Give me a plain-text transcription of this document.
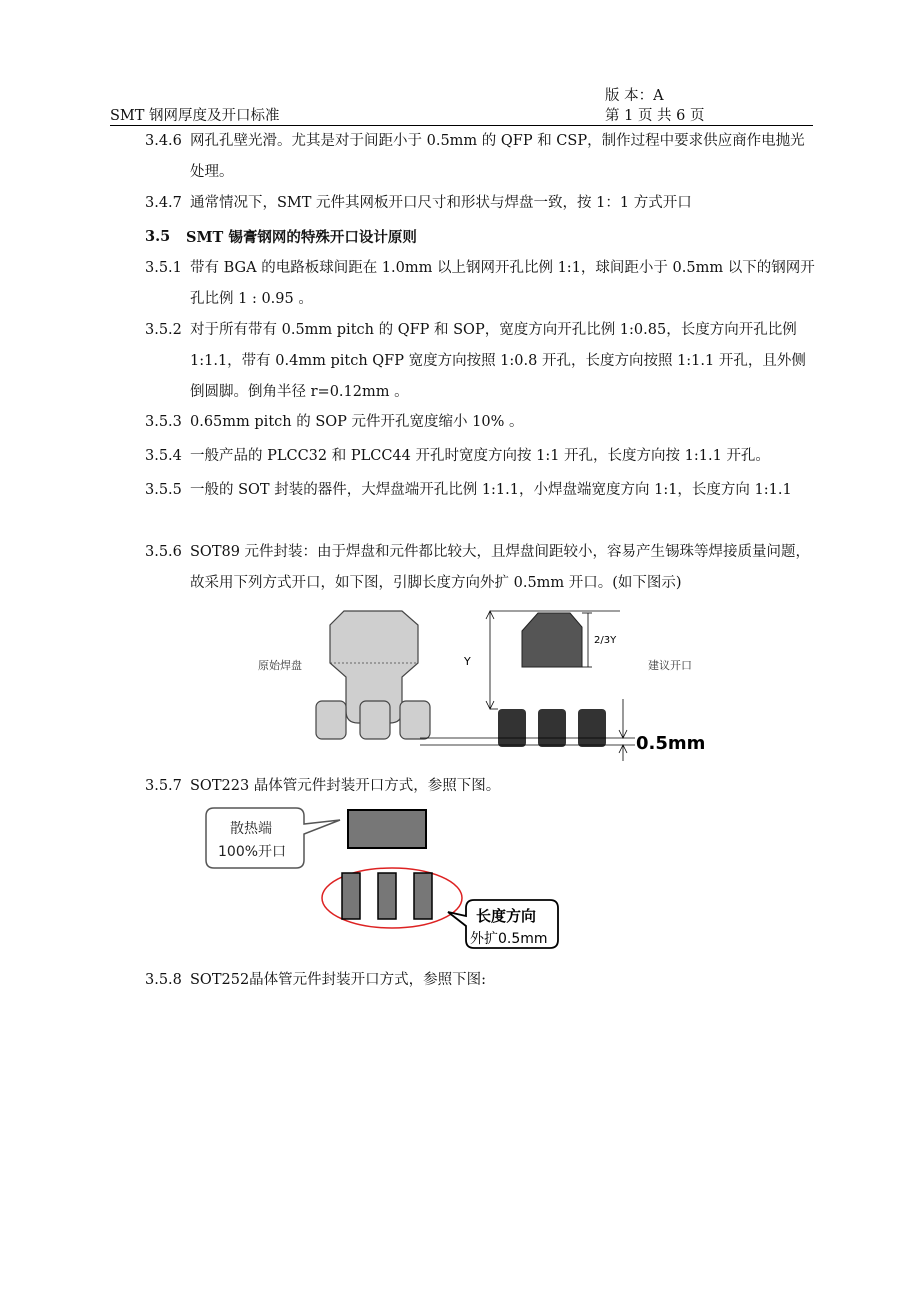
版 本：A
SMT 钢网厚度及开口标准	第 1 页 共 6 页
3.4.6 网孔孔壁光滑。尤其是对于间距小于 0.5mm 的 QFP 和 CSP，制作过程中要求供应商作电抛光处理。
3.4.7 通常情况下，SMT 元件其网板开口尺寸和形状与焊盘一致，按 1：1 方式开口
3.5 SMT 锡膏钢网的特殊开口设计原则
3.5.1 带有 BGA 的电路板球间距在 1.0mm 以上钢网开孔比例 1:1，球间距小于 0.5mm 以下的钢网开孔比例 1 : 0.95 。
3.5.2 对于所有带有 0.5mm pitch 的 QFP 和 SOP，宽度方向开孔比例 1:0.85，长度方向开孔比例 1:1.1，带有 0.4mm pitch QFP 宽度方向按照 1:0.8 开孔，长度方向按照 1:1.1 开孔，且外侧倒圆脚。倒角半径 r=0.12mm 。
3.5.3 0.65mm pitch 的 SOP 元件开孔宽度缩小 10% 。
3.5.4 一般产品的 PLCC32 和 PLCC44 开孔时宽度方向按 1:1 开孔，长度方向按 1:1.1 开孔。
3.5.5 一般的 SOT 封装的器件，大焊盘端开孔比例 1:1.1，小焊盘端宽度方向 1:1，长度方向 1:1.1
3.5.6 SOT89 元件封装：由于焊盘和元件都比较大，且焊盘间距较小，容易产生锡珠等焊接质量问题，故采用下列方式开口，如下图，引脚长度方向外扩 0.5mm 开口。(如下图示)
原始焊盘	Y
2/3Y
建议开口
0.5mm
3.5.7 SOT223 晶体管元件封装开口方式，参照下图。
散热端
100%开口
长度方向
外扩0.5mm
3.5.8 SOT252晶体管元件封装开口方式，参照下图:
